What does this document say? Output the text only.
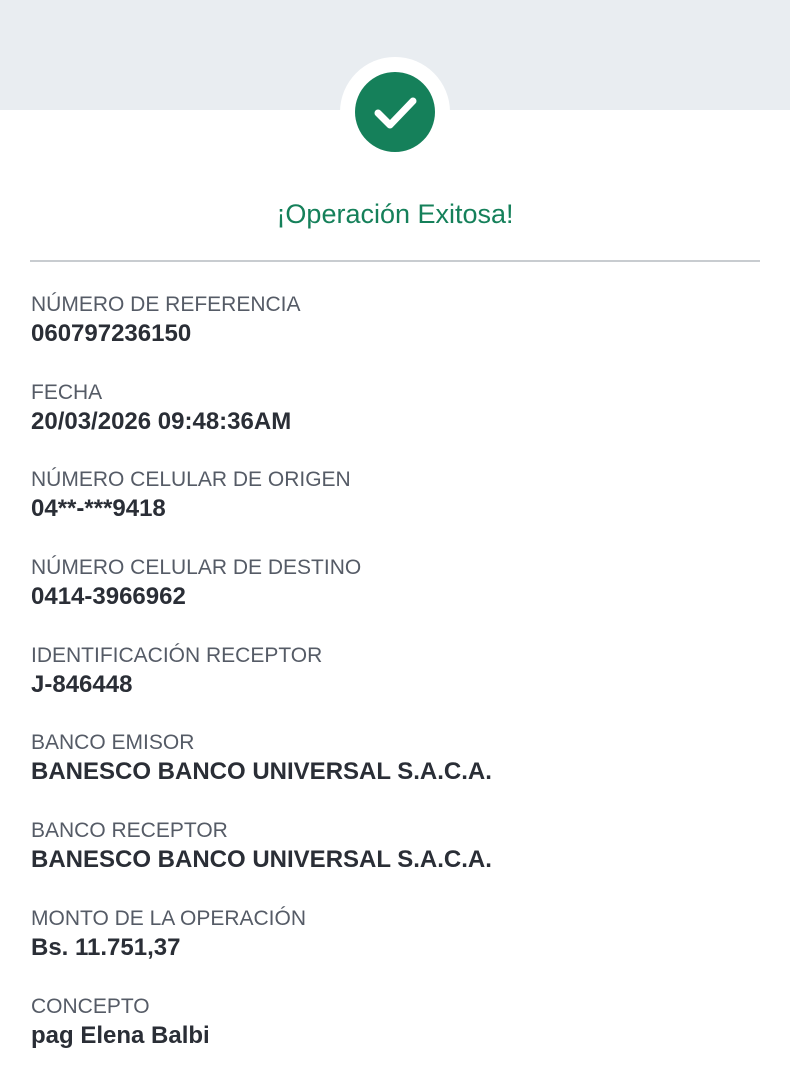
¡Operación Exitosa!
NÚMERO DE REFERENCIA
060797236150
FECHA
20/03/2026 09:48:36AM
NÚMERO CELULAR DE ORIGEN
04**-***9418
NÚMERO CELULAR DE DESTINO
0414-3966962
IDENTIFICACIÓN RECEPTOR
J-846448
BANCO EMISOR
BANESCO BANCO UNIVERSAL S.A.C.A.
BANCO RECEPTOR
BANESCO BANCO UNIVERSAL S.A.C.A.
MONTO DE LA OPERACIÓN
Bs. 11.751,37
CONCEPTO
pag Elena Balbi
